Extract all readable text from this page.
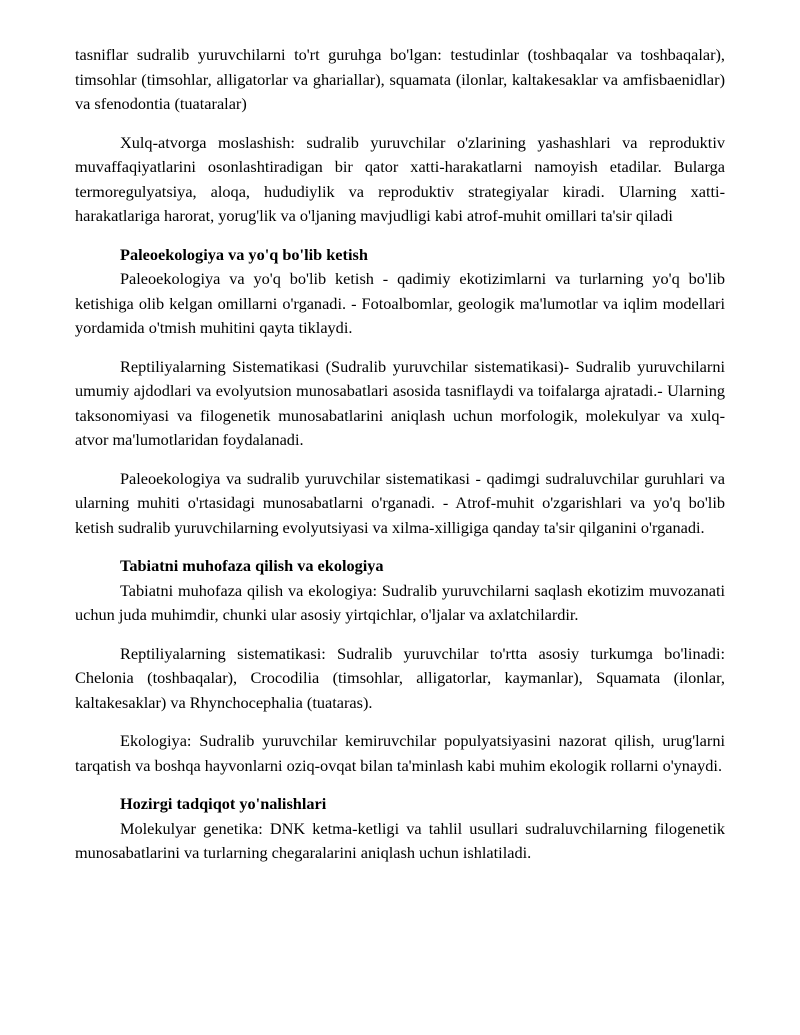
tasniflar sudralib yuruvchilarni to'rt guruhga bo'lgan: testudinlar (toshbaqalar va toshbaqalar), timsohlar (timsohlar, alligatorlar va ghariallar), squamata (ilonlar, kaltakesaklar va amfisbaenidlar) va sfenodontia (tuataralar)

Xulq-atvorga moslashish: sudralib yuruvchilar o'zlarining yashashlari va reproduktiv muvaffaqiyatlarini osonlashtiradigan bir qator xatti-harakatlarni namoyish etadilar. Bularga termoregulyatsiya, aloqa, hududiylik va reproduktiv strategiyalar kiradi. Ularning xatti-harakatlariga harorat, yorug'lik va o'ljaning mavjudligi kabi atrof-muhit omillari ta'sir qiladi

Paleoekologiya va yo'q bo'lib ketish

Paleoekologiya va yo'q bo'lib ketish - qadimiy ekotizimlarni va turlarning yo'q bo'lib ketishiga olib kelgan omillarni o'rganadi. - Fotoalbomlar, geologik ma'lumotlar va iqlim modellari yordamida o'tmish muhitini qayta tiklaydi.

Reptiliyalarning Sistematikasi (Sudralib yuruvchilar sistematikasi)- Sudralib yuruvchilarni umumiy ajdodlari va evolyutsion munosabatlari asosida tasniflaydi va toifalarga ajratadi.- Ularning taksonomiyasi va filogenetik munosabatlarini aniqlash uchun morfologik, molekulyar va xulq-atvor ma'lumotlaridan foydalanadi.

Paleoekologiya va sudralib yuruvchilar sistematikasi - qadimgi sudraluvchilar guruhlari va ularning muhiti o'rtasidagi munosabatlarni o'rganadi. - Atrof-muhit o'zgarishlari va yo'q bo'lib ketish sudralib yuruvchilarning evolyutsiyasi va xilma-xilligiga qanday ta'sir qilganini o'rganadi.

Tabiatni muhofaza qilish va ekologiya

Tabiatni muhofaza qilish va ekologiya: Sudralib yuruvchilarni saqlash ekotizim muvozanati uchun juda muhimdir, chunki ular asosiy yirtqichlar, o'ljalar va axlatchilardir.

Reptiliyalarning sistematikasi: Sudralib yuruvchilar to'rtta asosiy turkumga bo'linadi: Chelonia (toshbaqalar), Crocodilia (timsohlar, alligatorlar, kaymanlar), Squamata (ilonlar, kaltakesaklar) va Rhynchocephalia (tuataras).

Ekologiya: Sudralib yuruvchilar kemiruvchilar populyatsiyasini nazorat qilish, urug'larni tarqatish va boshqa hayvonlarni oziq-ovqat bilan ta'minlash kabi muhim ekologik rollarni o'ynaydi.

Hozirgi tadqiqot yo'nalishlari

Molekulyar genetika: DNK ketma-ketligi va tahlil usullari sudraluvchilarning filogenetik munosabatlarini va turlarning chegaralarini aniqlash uchun ishlatiladi.
